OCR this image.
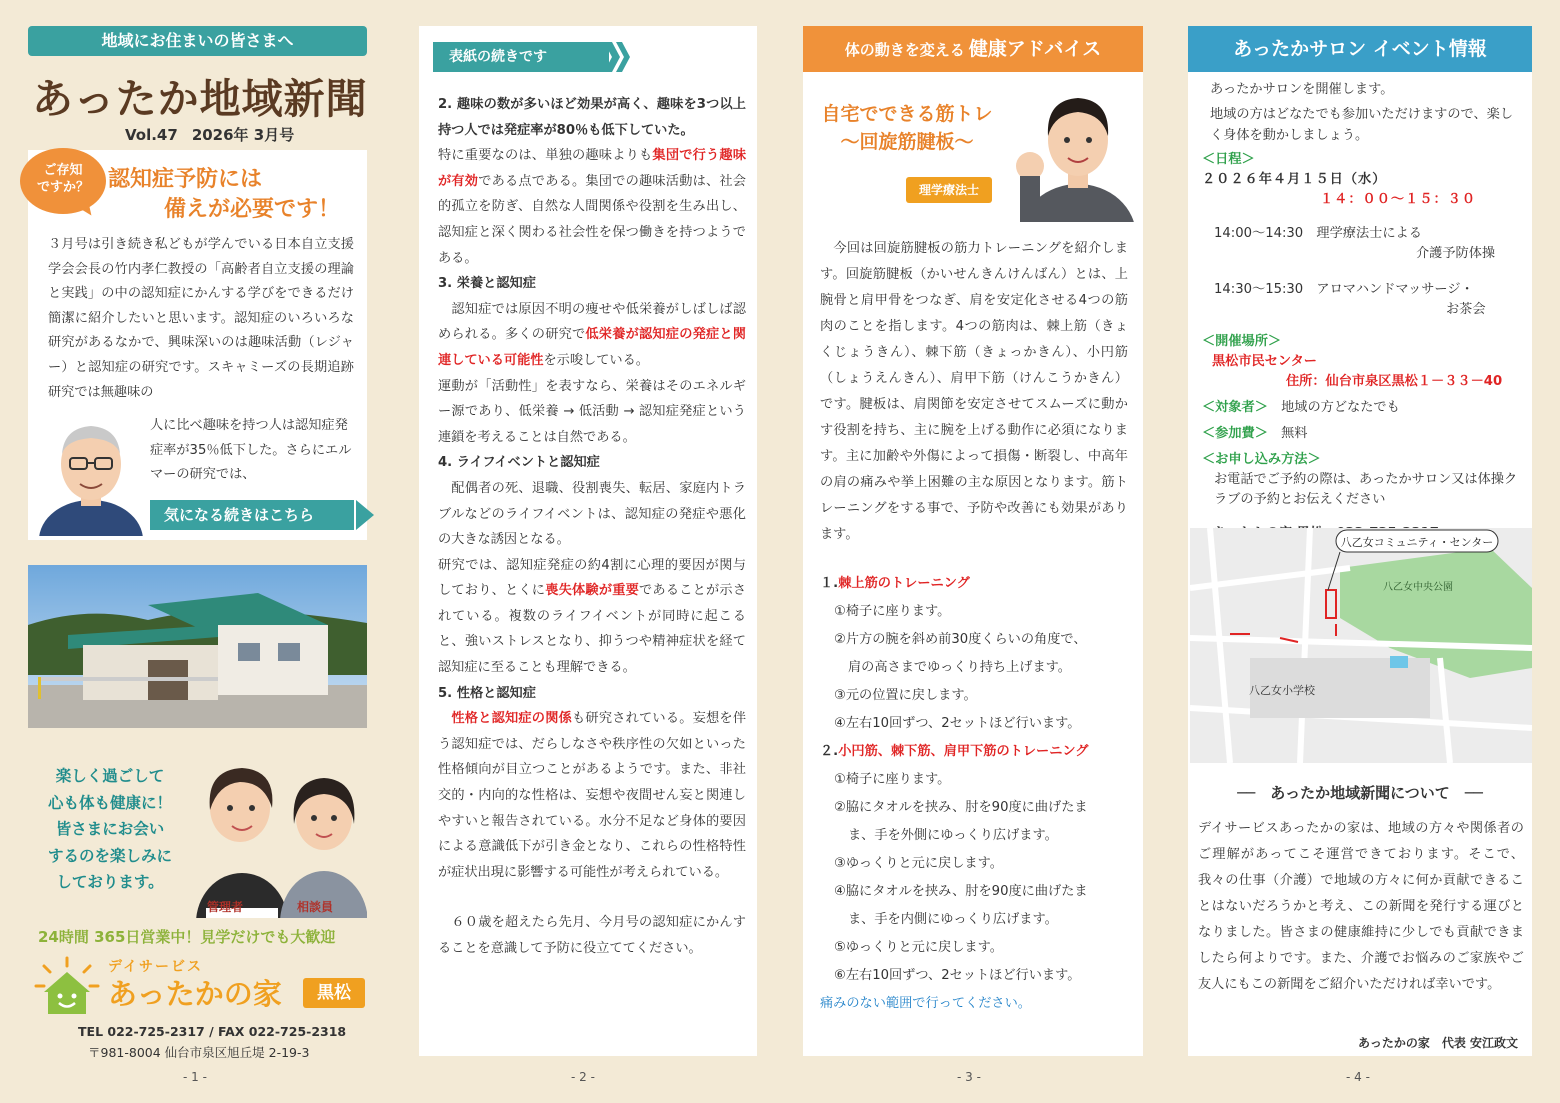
地域にお住まいの皆さまへ
あったか地域新聞
Vol.47 2026年 3月号
ご存知
ですか？ 認知症予防には
備えが必要です！
３月号は引き続き私どもが学んでいる日本自立支援学会会長の竹内孝仁教授の「高齢者自立支援の理論と実践」の中の認知症にかんする学びをできるだけ簡潔に紹介したいと思います。認知症のいろいろな研究があるなかで、興味深いのは趣味活動（レジャー）と認知症の研究です。スキャミーズの長期追跡研究では無趣味の
人に比べ趣味を持つ人は認知症発症率が35％低下した。さらにエルマーの研究では、
気になる続きはこちら
楽しく過ごして
心も体も健康に！
皆さまにお会い
するのを楽しみに
しております。
管理者	相談員
24時間 365日営業中！見学だけでも大歓迎
デイサービス
あったかの家	黒松
TEL 022-725-2317 / FAX 022-725-2318
〒981-8004 仙台市泉区旭丘堤 2-19-3
- 1 -
表紙の続きです
2. 趣味の数が多いほど効果が高く、趣味を3つ以上持つ人では発症率が80％も低下していた。
特に重要なのは、単独の趣味よりも集団で行う趣味が有効である点である。集団での趣味活動は、社会的孤立を防ぎ、自然な人間関係や役割を生み出し、認知症と深く関わる社会性を保つ働きを持つようである。
3. 栄養と認知症
　認知症では原因不明の痩せや低栄養がしばしば認められる。多くの研究で低栄養が認知症の発症と関連している可能性を示唆している。
運動が「活動性」を表すなら、栄養はそのエネルギー源であり、低栄養 → 低活動 → 認知症発症という連鎖を考えることは自然である。
4. ライフイベントと認知症
　配偶者の死、退職、役割喪失、転居、家庭内トラブルなどのライフイベントは、認知症の発症や悪化の大きな誘因となる。
研究では、認知症発症の約4割に心理的要因が関与しており、とくに喪失体験が重要であることが示されている。複数のライフイベントが同時に起こると、強いストレスとなり、抑うつや精神症状を経て認知症に至ることも理解できる。
5. 性格と認知症
　性格と認知症の関係も研究されている。妄想を伴う認知症では、だらしなさや秩序性の欠如といった性格傾向が目立つことがあるようです。また、非社交的・内向的な性格は、妄想や夜間せん妄と関連しやすいと報告されている。水分不足など身体的要因による意識低下が引き金となり、これらの性格特性が症状出現に影響する可能性が考えられている。
　６０歳を超えたら先月、今月号の認知症にかんすることを意識して予防に役立ててください。
- 2 -
体の動きを変える 健康アドバイス
自宅でできる筋トレ
～回旋筋腱板～
理学療法士
　今回は回旋筋腱板の筋力トレーニングを紹介します。回旋筋腱板（かいせんきんけんばん）とは、上腕骨と肩甲骨をつなぎ、肩を安定化させる4つの筋肉のことを指します。4つの筋肉は、棘上筋（きょくじょうきん）、棘下筋（きょっかきん）、小円筋（しょうえんきん）、肩甲下筋（けんこうかきん）です。腱板は、肩関節を安定させてスムーズに動かす役割を持ち、主に腕を上げる動作に必須になります。主に加齢や外傷によって損傷・断裂し、中高年の肩の痛みや挙上困難の主な原因となります。筋トレーニングをする事で、予防や改善にも効果があります。
１.棘上筋のトレーニング
①椅子に座ります。
②片方の腕を斜め前30度くらいの角度で、
肩の高さまでゆっくり持ち上げます。
③元の位置に戻します。
④左右10回ずつ、2セットほど行います。
２.小円筋、棘下筋、肩甲下筋のトレーニング
①椅子に座ります。
②脇にタオルを挟み、肘を90度に曲げたま
ま、手を外側にゆっくり広げます。
③ゆっくりと元に戻します。
④脇にタオルを挟み、肘を90度に曲げたま
ま、手を内側にゆっくり広げます。
⑤ゆっくりと元に戻します。
⑥左右10回ずつ、2セットほど行います。
痛みのない範囲で行ってください。
- 3 -
あったかサロン イベント情報
あったかサロンを開催します。
地域の方はどなたでも参加いただけますので、楽しく身体を動かしましょう。
＜日程＞
２０２６年４月１５日（水）
１４：００～１５：３０
14:00～14:30　 理学療法士による
介護予防体操
14:30～15:30　 アロマハンドマッサージ・
お茶会
＜開催場所＞
黒松市民センター
住所：仙台市泉区黒松１－３３－40
＜対象者＞　 地域の方どなたでも
＜参加費＞　 無料
＜お申し込み方法＞
お電話でご予約の際は、あったかサロン又は体操クラブの予約とお伝えください
八乙女コミュニティ・センター
八乙女中央公園
八乙女小学校
──　あったか地域新聞について　──
デイサービスあったかの家は、地域の方々や関係者のご理解があってこそ運営できております。そこで、我々の仕事（介護）で地域の方々に何か貢献できることはないだろうかと考え、この新聞を発行する運びとなりました。皆さまの健康維持に少しでも貢献できましたら何よりです。また、介護でお悩みのご家族やご友人にもこの新聞をご紹介いただければ幸いです。
あったかの家　代表 安江政文
- 4 -
